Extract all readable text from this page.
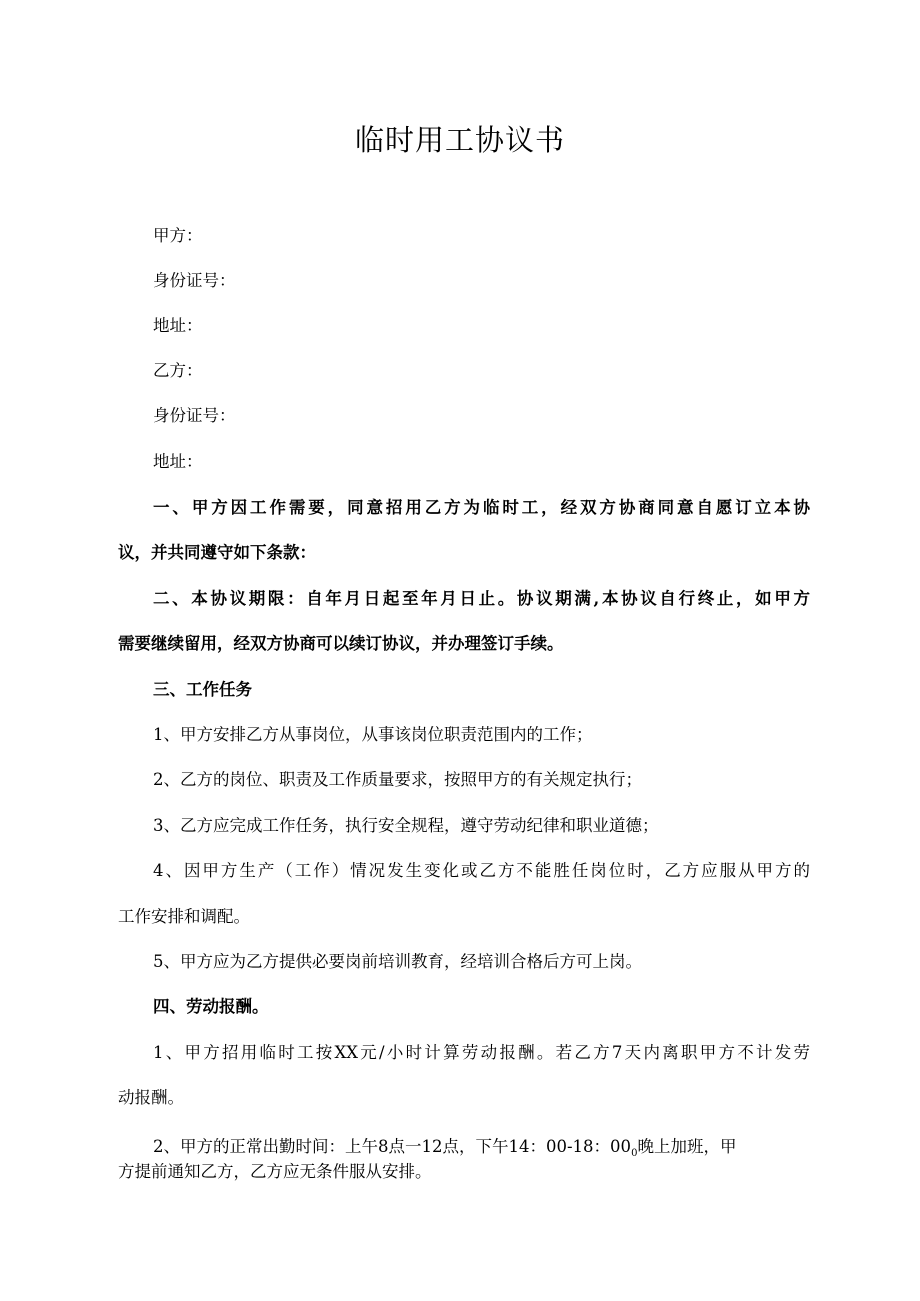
临时用工协议书
甲方：
身份证号：
地址：
乙方：
身份证号：
地址：
一、甲方因工作需要，同意招用乙方为临时工，经双方协商同意自愿订立本协
议，并共同遵守如下条款：
二、本协议期限：自年月日起至年月日止。协议期满,本协议自行终止，如甲方
需要继续留用，经双方协商可以续订协议，并办理签订手续。
三、工作任务
1、甲方安排乙方从事岗位，从事该岗位职责范围内的工作；
2、乙方的岗位、职责及工作质量要求，按照甲方的有关规定执行；
3、乙方应完成工作任务，执行安全规程，遵守劳动纪律和职业道德；
4、因甲方生产（工作）情况发生变化或乙方不能胜任岗位时，乙方应服从甲方的
工作安排和调配。
5、甲方应为乙方提供必要岗前培训教育，经培训合格后方可上岗。
四、劳动报酬。
1、甲方招用临时工按XX元/小时计算劳动报酬。若乙方7天内离职甲方不计发劳
动报酬。
2、甲方的正常出勤时间：上午8点一12点，下午14：00-18：$00_0$晚上加班，甲
方提前通知乙方，乙方应无条件服从安排。
